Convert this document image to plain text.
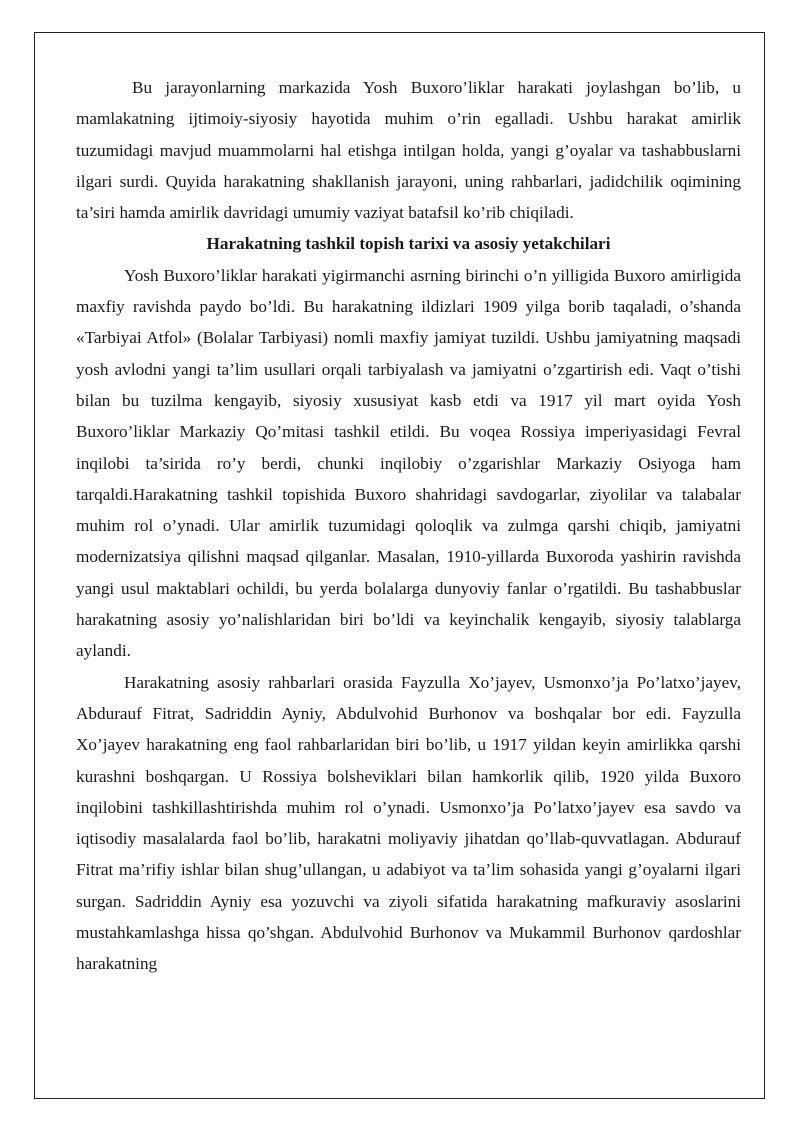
Bu jarayonlarning markazida Yosh Buxoro’liklar harakati joylashgan bo’lib, u mamlakatning ijtimoiy-siyosiy hayotida muhim o’rin egalladi. Ushbu harakat amirlik tuzumidagi mavjud muammolarni hal etishga intilgan holda, yangi g’oyalar va tashabbuslarni ilgari surdi. Quyida harakatning shakllanish jarayoni, uning rahbarlari, jadidchilik oqimining ta’siri hamda amirlik davridagi umumiy vaziyat batafsil ko’rib chiqiladi.

Harakatning tashkil topish tarixi va asosiy yetakchilari

Yosh Buxoro’liklar harakati yigirmanchi asrning birinchi o’n yilligida Buxoro amirligida maxfiy ravishda paydo bo’ldi. Bu harakatning ildizlari 1909 yilga borib taqaladi, o’shanda «Tarbiyai Atfol» (Bolalar Tarbiyasi) nomli maxfiy jamiyat tuzildi. Ushbu jamiyatning maqsadi yosh avlodni yangi ta’lim usullari orqali tarbiyalash va jamiyatni o’zgartirish edi. Vaqt o’tishi bilan bu tuzilma kengayib, siyosiy xususiyat kasb etdi va 1917 yil mart oyida Yosh Buxoro’liklar Markaziy Qo’mitasi tashkil etildi. Bu voqea Rossiya imperiyasidagi Fevral inqilobi ta’sirida ro’y berdi, chunki inqilobiy o’zgarishlar Markaziy Osiyoga ham tarqaldi.Harakatning tashkil topishida Buxoro shahridagi savdogarlar, ziyolilar va talabalar muhim rol o’ynadi. Ular amirlik tuzumidagi qoloqlik va zulmga qarshi chiqib, jamiyatni modernizatsiya qilishni maqsad qilganlar. Masalan, 1910-yillarda Buxoroda yashirin ravishda yangi usul maktablari ochildi, bu yerda bolalarga dunyoviy fanlar o’rgatildi. Bu tashabbuslar harakatning asosiy yo’nalishlaridan biri bo’ldi va keyinchalik kengayib, siyosiy talablarga aylandi.

Harakatning asosiy rahbarlari orasida Fayzulla Xo’jayev, Usmonxo’ja Po’latxo’jayev, Abdurauf Fitrat, Sadriddin Ayniy, Abdulvohid Burhonov va boshqalar bor edi. Fayzulla Xo’jayev harakatning eng faol rahbarlaridan biri bo’lib, u 1917 yildan keyin amirlikka qarshi kurashni boshqargan. U Rossiya bolsheviklari bilan hamkorlik qilib, 1920 yilda Buxoro inqilobini tashkillashtirishda muhim rol o’ynadi. Usmonxo’ja Po’latxo’jayev esa savdo va iqtisodiy masalalarda faol bo’lib, harakatni moliyaviy jihatdan qo’llab-quvvatlagan. Abdurauf Fitrat ma’rifiy ishlar bilan shug’ullangan, u adabiyot va ta’lim sohasida yangi g’oyalarni ilgari surgan. Sadriddin Ayniy esa yozuvchi va ziyoli sifatida harakatning mafkuraviy asoslarini mustahkamlashga hissa qo’shgan. Abdulvohid Burhonov va Mukammil Burhonov qardoshlar harakatning
